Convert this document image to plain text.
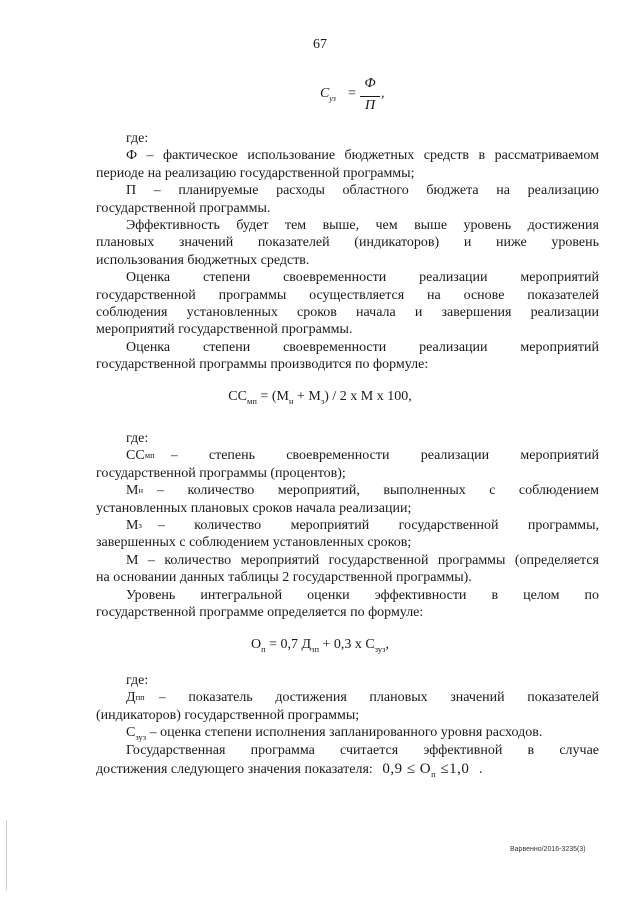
67
$C_{уз}$ =
Ф
П
,
где:
Ф – фактическое использование бюджетных средств в рассматриваемом
периоде на реализацию государственной программы;
П – планируемые расходы областного бюджета на реализацию
государственной программы.
Эффективность будет тем выше, чем выше уровень достижения
плановых значений показателей (индикаторов) и ниже уровень
использования бюджетных средств.
Оценка степени своевременности реализации мероприятий
государственной программы осуществляется на основе показателей
соблюдения установленных сроков начала и завершения реализации
мероприятий государственной программы.
Оценка степени своевременности реализации мероприятий
государственной программы производится по формуле:
$СС_{мп} = (М_н + М_з) / 2$ х М х 100,
где:
СС мп – степень своевременности реализации мероприятий
государственной программы (процентов);
М н – количество мероприятий, выполненных с соблюдением
установленных плановых сроков начала реализации;
М з – количество мероприятий государственной программы,
завершенных с соблюдением установленных сроков;
М – количество мероприятий государственной программы (определяется
на основании данных таблицы 2 государственной программы).
Уровень интегральной оценки эффективности в целом по
государственной программе определяется по формуле:
$О_п = 0,7$ $Д_{зп} + 0,3$ х $С_{зуз}$,
где:
Д пп – показатель достижения плановых значений показателей
(индикаторов) государственной программы;
$С_{зуз}$ – оценка степени исполнения запланированного уровня расходов.
Государственная программа считается эффективной в случае
достижения следующего значения показателя: $0,9 \le О_п \le 1,0$ .
Варвенно/2016-3235(3)
